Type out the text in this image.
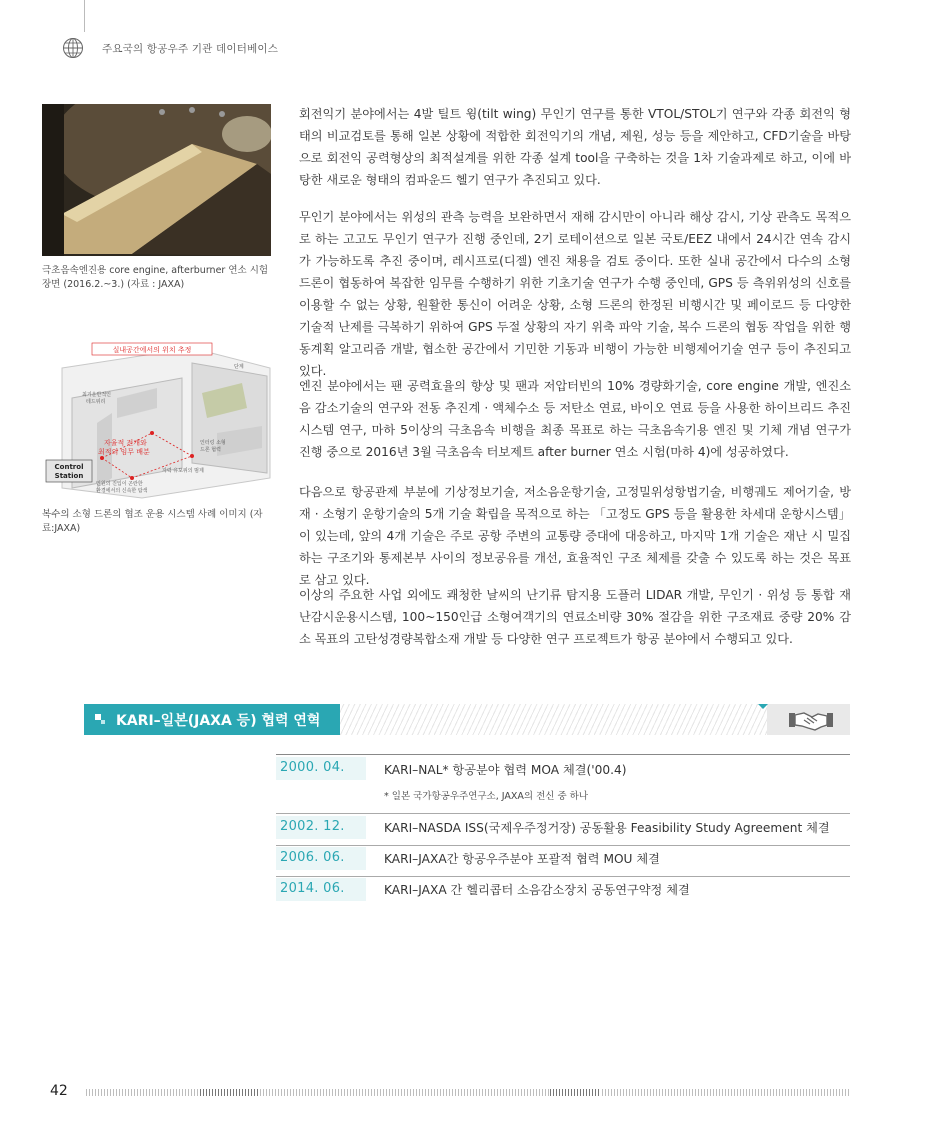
주요국의 항공우주 기관 데이터베이스
극초음속엔진용 core engine, afterburner 연소 시험 장면 (2016.2.~3.) (자료 : JAXA)
실내공간에서의 위치 추정
최기운반적인
테드위리
단계
자율적 전개와
최적의 임무 배분
인터링 소형
드론 협력
자력 유포위의 범제
Control
Station
인원의 진입이 곤란한
환경에서의 신속한 탐색
복수의 소형 드론의 협조 운용 시스템 사례 이미지 (자료:JAXA)
회전익기 분야에서는 4발 틸트 윙(tilt wing) 무인기 연구를 통한 VTOL/STOL기 연구와 각종 회전익 형태의 비교검토를 통해 일본 상황에 적합한 회전익기의 개념, 제원, 성능 등을 제안하고, CFD기술을 바탕으로 회전익 공력형상의 최적설계를 위한 각종 설계 tool을 구축하는 것을 1차 기술과제로 하고, 이에 바탕한 새로운 형태의 컴파운드 헬기 연구가 추진되고 있다.
무인기 분야에서는 위성의 관측 능력을 보완하면서 재해 감시만이 아니라 해상 감시, 기상 관측도 목적으로 하는 고고도 무인기 연구가 진행 중인데, 2기 로테이션으로 일본 국토/EEZ 내에서 24시간 연속 감시가 가능하도록 추진 중이며, 레시프로(디젤) 엔진 채용을 검토 중이다. 또한 실내 공간에서 다수의 소형 드론이 협동하여 복잡한 임무를 수행하기 위한 기초기술 연구가 수행 중인데, GPS 등 측위위성의 신호를 이용할 수 없는 상황, 원활한 통신이 어려운 상황, 소형 드론의 한정된 비행시간 및 페이로드 등 다양한 기술적 난제를 극복하기 위하여 GPS 두절 상황의 자기 위축 파악 기술, 복수 드론의 협동 작업을 위한 행동계획 알고리즘 개발, 협소한 공간에서 기민한 기동과 비행이 가능한 비행제어기술 연구 등이 추진되고 있다.
엔진 분야에서는 팬 공력효율의 향상 및 팬과 저압터빈의 10% 경량화기술, core engine 개발, 엔진소음 감소기술의 연구와 전동 추진계 · 액체수소 등 저탄소 연료, 바이오 연료 등을 사용한 하이브리드 추진 시스템 연구, 마하 5이상의 극초음속 비행을 최종 목표로 하는 극초음속기용 엔진 및 기체 개념 연구가 진행 중으로 2016년 3월 극초음속 터보제트 after burner 연소 시험(마하 4)에 성공하였다.
다음으로 항공관제 부분에 기상정보기술, 저소음운항기술, 고정밀위성항법기술, 비행궤도 제어기술, 방재 · 소형기 운항기술의 5개 기술 확립을 목적으로 하는 「고정도 GPS 등을 활용한 차세대 운항시스템」이 있는데, 앞의 4개 기술은 주로 공항 주변의 교통량 증대에 대응하고, 마지막 1개 기술은 재난 시 밀집하는 구조기와 통제본부 사이의 정보공유를 개선, 효율적인 구조 체제를 갖출 수 있도록 하는 것은 목표로 삼고 있다.
이상의 주요한 사업 외에도 쾌청한 날씨의 난기류 탐지용 도플러 LIDAR 개발, 무인기 · 위성 등 통합 재난감시운용시스템, 100~150인급 소형여객기의 연료소비량 30% 절감을 위한 구조재료 중량 20% 감소 목표의 고탄성경량복합소재 개발 등 다양한 연구 프로젝트가 항공 분야에서 수행되고 있다.
KARI–일본(JAXA 등) 협력 연혁
2000. 04.	KARI–NAL* 항공분야 협력 MOA 체결('00.4)
* 일본 국가항공우주연구소, JAXA의 전신 중 하나
2002. 12.	KARI–NASDA ISS(국제우주정거장) 공동활용 Feasibility Study Agreement 체결
2006. 06.	KARI–JAXA간 항공우주분야 포괄적 협력 MOU 체결
2014. 06.	KARI–JAXA 간 헬리콥터 소음감소장치 공동연구약정 체결
42
